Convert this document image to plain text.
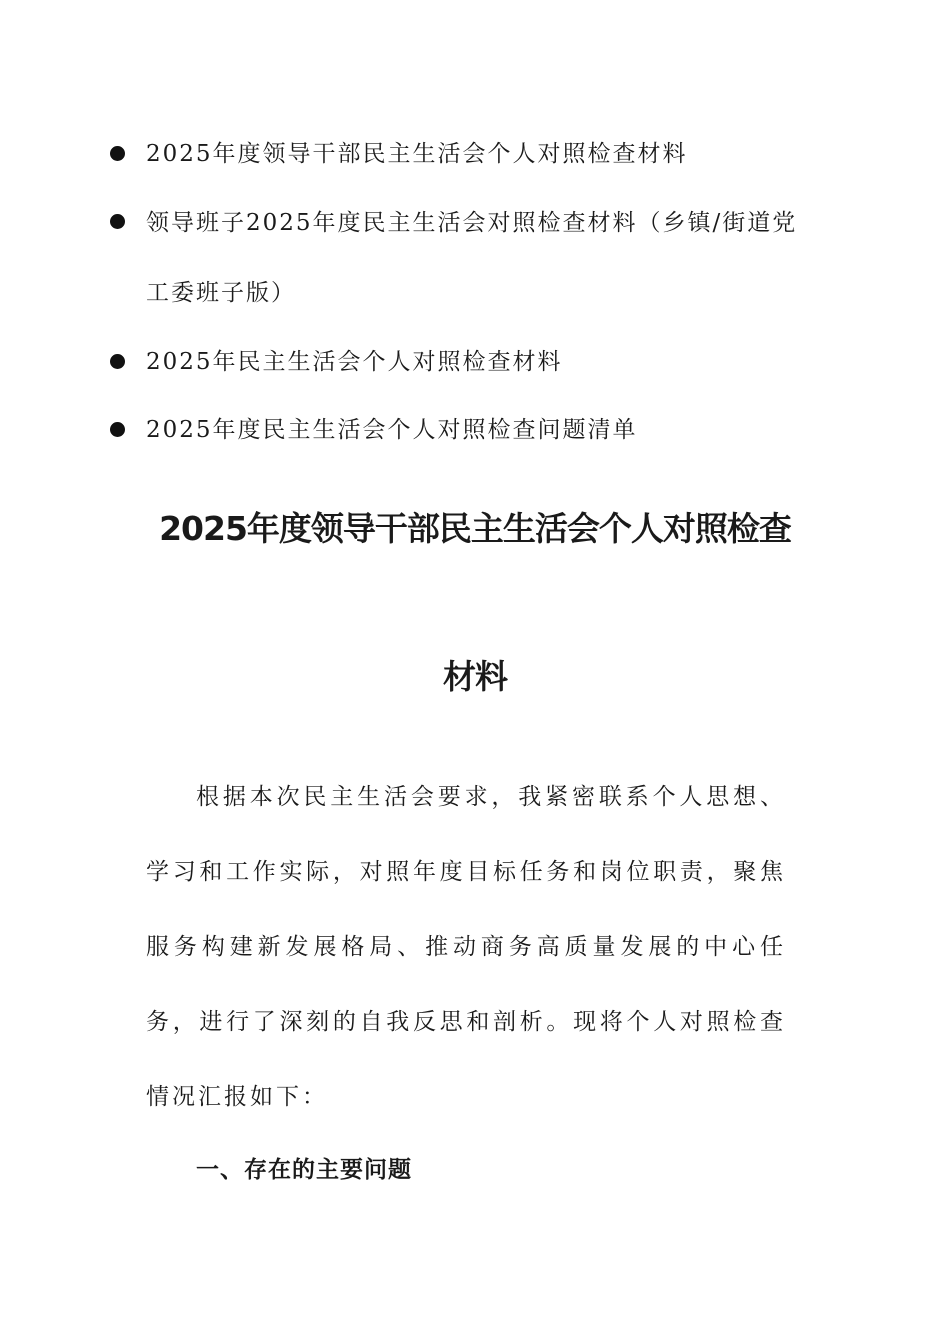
2025年度领导干部民主生活会个人对照检查材料
领导班子2025年度民主生活会对照检查材料（乡镇/街道党工委班子版）
2025年民主生活会个人对照检查材料
2025年度民主生活会个人对照检查问题清单
2025年度领导干部民主生活会个人对照检查材料

根据本次民主生活会要求，我紧密联系个人思想、学习和工作实际，对照年度目标任务和岗位职责，聚焦服务构建新发展格局、推动商务高质量发展的中心任务，进行了深刻的自我反思和剖析。现将个人对照检查情况汇报如下：

一、存在的主要问题
